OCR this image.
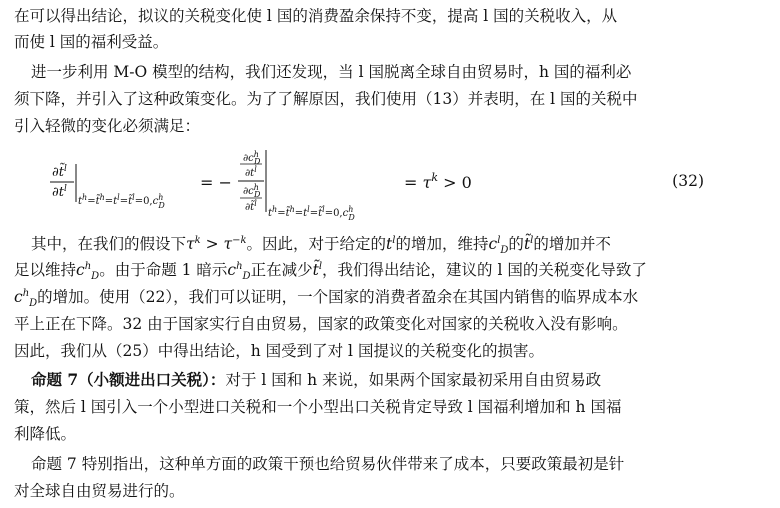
在可以得出结论，拟议的关税变化使 l 国的消费盈余保持不变，提高 l 国的关税收入，从
而使 l 国的福利受益。
进一步利用 M-O 模型的结构，我们还发现，当 l 国脱离全球自由贸易时，h 国的福利必
须下降，并引入了这种政策变化。为了了解原因，我们使用（13）并表明，在 l 国的关税中
引入轻微的变化必须满足：
∂t̃$^l$
$\partial t^l$
$t^h=t̃^h=t^l=t̃^l=0,c^h$ D
= −
$\partial c^h$ D
$\partial t^l$
$\partial c^h$ D
∂t̃$^l$
$t^h=t̃^h=t^l=t̃^l=0,c^h$ D
= $\tau^k > 0$	(32)
其中，在我们的假设下$\tau^k > \tau^{-k}$。因此，对于给定的$t^l$的增加，维持$c^l_D$的t̃$^l$的增加并不
足以维持$c^h_D$。由于命题 1 暗示$c^h_D$正在减少t̃$^l$，我们得出结论，建议的 l 国的关税变化导致了
$c^h_D$的增加。使用（22），我们可以证明，一个国家的消费者盈余在其国内销售的临界成本水
平上正在下降。32 由于国家实行自由贸易，国家的政策变化对国家的关税收入没有影响。
因此，我们从（25）中得出结论，h 国受到了对 l 国提议的关税变化的损害。
命题 7（小额进出口关税）：对于 l 国和 h 来说，如果两个国家最初采用自由贸易政
策，然后 l 国引入一个小型进口关税和一个小型出口关税肯定导致 l 国福利增加和 h 国福
利降低。
命题 7 特别指出，这种单方面的政策干预也给贸易伙伴带来了成本，只要政策最初是针
对全球自由贸易进行的。
